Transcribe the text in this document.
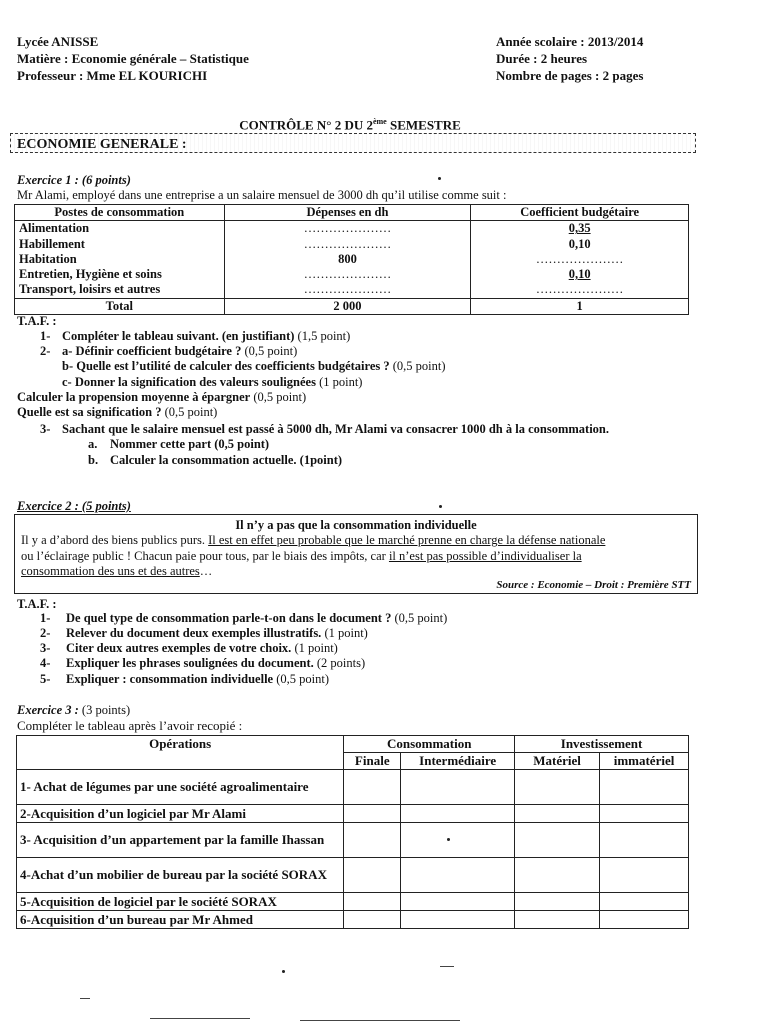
Lycée ANISSE
Matière : Economie générale – Statistique
Professeur : Mme EL KOURICHI
Année scolaire : 2013/2014
Durée : 2 heures
Nombre de pages : 2 pages
CONTRÔLE N° 2 DU 2ème SEMESTRE
ECONOMIE GENERALE :
Exercice 1 : (6 points)
Mr Alami, employé dans une entreprise a un salaire mensuel de 3000 dh qu’il utilise comme suit :
Postes de consommation	Dépenses en dh	Coefficient budgétaire
Alimentation	…………………	0,35
Habillement	…………………	0,10
Habitation	800	…………………
Entretien, Hygiène et soins	…………………	0,10
Transport, loisirs et autres	…………………	…………………
Total	2 000	1
T.A.F. :
1- Compléter le tableau suivant. (en justifiant) (1,5 point)
2- a- Définir coefficient budgétaire ? (0,5 point)
b- Quelle est l’utilité de calculer des coefficients budgétaires ? (0,5 point)
c- Donner la signification des valeurs soulignées (1 point)
Calculer la propension moyenne à épargner (0,5 point)
Quelle est sa signification ? (0,5 point)
3- Sachant que le salaire mensuel est passé à 5000 dh, Mr Alami va consacrer 1000 dh à la consommation.
a. Nommer cette part (0,5 point)
b. Calculer la consommation actuelle. (1point)
Exercice 2 : (5 points)
Il n’y a pas que la consommation individuelle
Il y a d’abord des biens publics purs. Il est en effet peu probable que le marché prenne en charge la défense nationale
ou l’éclairage public ! Chacun paie pour tous, par le biais des impôts, car il n’est pas possible d’individualiser la
consommation des uns et des autres…
Source : Economie – Droit : Première STT
T.A.F. :
1- De quel type de consommation parle-t-on dans le document ? (0,5 point)
2- Relever du document deux exemples illustratifs. (1 point)
3- Citer deux autres exemples de votre choix. (1 point)
4- Expliquer les phrases soulignées du document. (2 points)
5- Expliquer : consommation individuelle (0,5 point)
Exercice 3 : (3 points)
Compléter le tableau après l’avoir recopié :
Opérations	Consommation		Investissement	
	Finale	Intermédiaire	Matériel	immatériel
1- Achat de légumes par une société agroalimentaire				
2-Acquisition d’un logiciel par Mr Alami				
3- Acquisition d’un appartement par la famille Ihassan				
4-Achat d’un mobilier de bureau par la société SORAX				
5-Acquisition de logiciel par le société SORAX				
6-Acquisition d’un bureau par Mr Ahmed				
